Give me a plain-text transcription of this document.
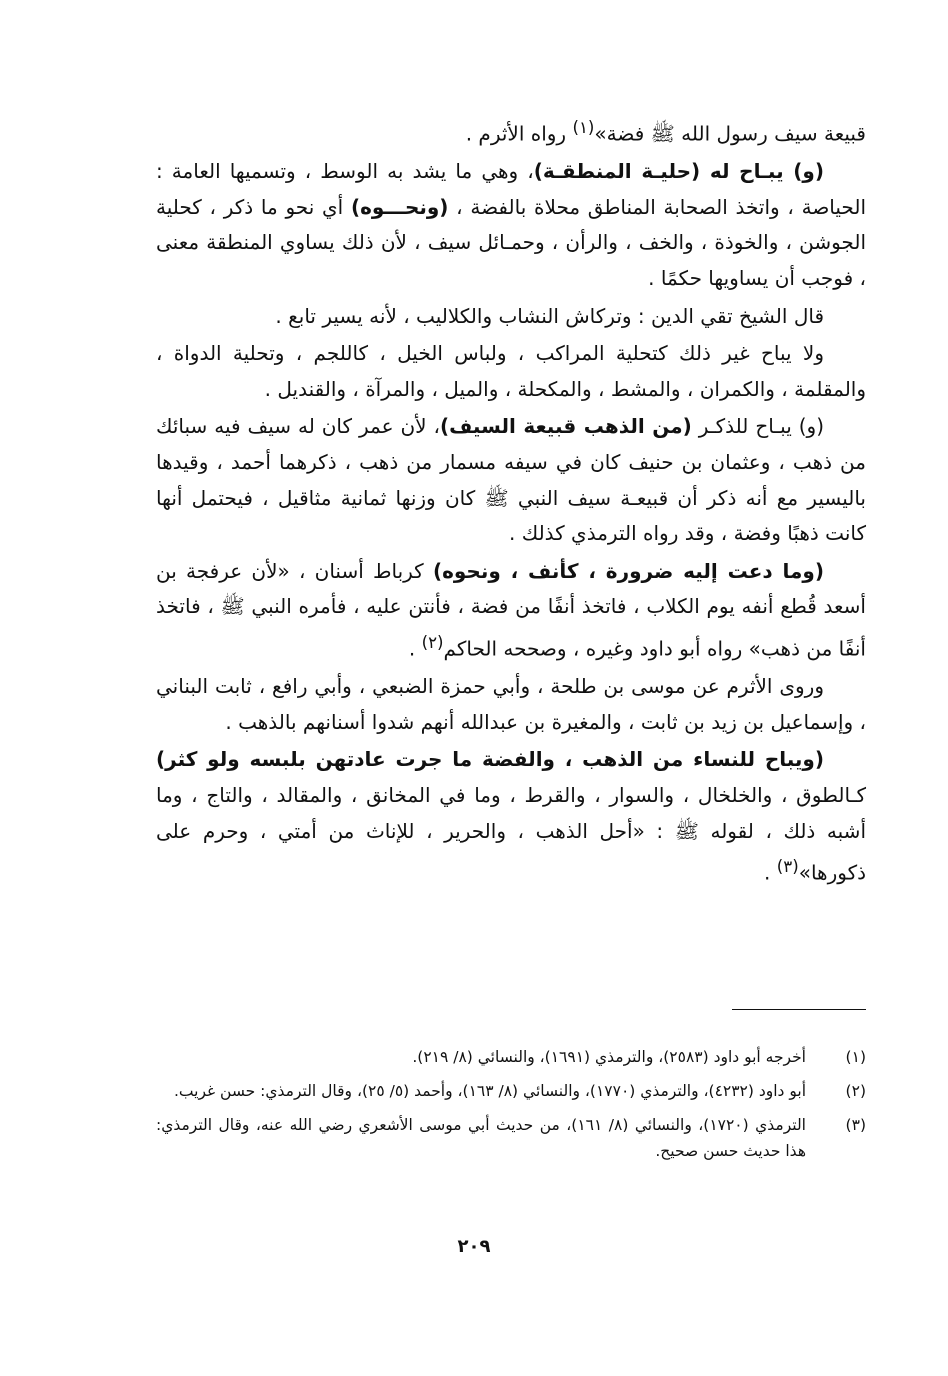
قبيعة سيف رسول الله ﷺ فضة»$^{(١)}$ رواه الأثرم .

(و) يبـاح له (حليـة المنطقـة)، وهي ما يشد به الوسط ، وتسميها العامة : الحياصة ، واتخذ الصحابة المناطق محلاة بالفضة ، (ونحـــوه) أي نحو ما ذكر ، كحلية الجوشن ، والخوذة ، والخف ، والرأن ، وحمـائل سيف ، لأن ذلك يساوي المنطقة معنى ، فوجب أن يساويها حكمًا .

قال الشيخ تقي الدين : وتركاش النشاب والكلاليب ، لأنه يسير تابع .

ولا يباح غير ذلك كتحلية المراكب ، ولباس الخيل ، كاللجم ، وتحلية الدواة ، والمقلمة ، والكمران ، والمشط ، والمكحلة ، والميل ، والمرآة ، والقنديل .

(و) يبـاح للذكـر (من الذهب قبيعة السيف)، لأن عمر كان له سيف فيه سبائك من ذهب ، وعثمان بن حنيف كان في سيفه مسمار من ذهب ، ذكرهما أحمد ، وقيدها باليسير مع أنه ذكر أن قبيعـة سيف النبي ﷺ كان وزنها ثمانية مثاقيل ، فيحتمل أنها كانت ذهبًا وفضة ، وقد رواه الترمذي كذلك .

(وما دعت إليه ضرورة ، كأنف ، ونحوه) كرباط أسنان ، «لأن عرفجة بن أسعد قُطع أنفه يوم الكلاب ، فاتخذ أنفًا من فضة ، فأنتن عليه ، فأمره النبي ﷺ ، فاتخذ أنفًا من ذهب» رواه أبو داود وغيره ، وصححه الحاكم$^{(٢)}$ .

وروى الأثرم عن موسى بن طلحة ، وأبي حمزة الضبعي ، وأبي رافع ، ثابت البناني ، وإسماعيل بن زيد بن ثابت ، والمغيرة بن عبدالله أنهم شدوا أسنانهم بالذهب .

(ويباح للنساء من الذهب ، والفضة ما جرت عادتهن بلبسه ولو كثر) كـالطوق ، والخلخال ، والسوار ، والقرط ، وما في المخانق ، والمقالد ، والتاج ، وما أشبه ذلك ، لقوله ﷺ : «أحل الذهب ، والحرير ، للإناث من أمتي ، وحرم على ذكورها»$^{(٣)}$ .

(١)
أخرجه أبو داود (٢٥٨٣)، والترمذي (١٦٩١)، والنسائي (٨/ ٢١٩).
(٢)
أبو داود (٤٢٣٢)، والترمذي (١٧٧٠)، والنسائي (٨/ ١٦٣)، وأحمد (٥/ ٢٥)، وقال الترمذي: حسن غريب.
(٣)
الترمذي (١٧٢٠)، والنسائي (٨/ ١٦١)، من حديث أبي موسى الأشعري رضي الله عنه، وقال الترمذي: هذا حديث حسن صحيح.
٢٠٩
